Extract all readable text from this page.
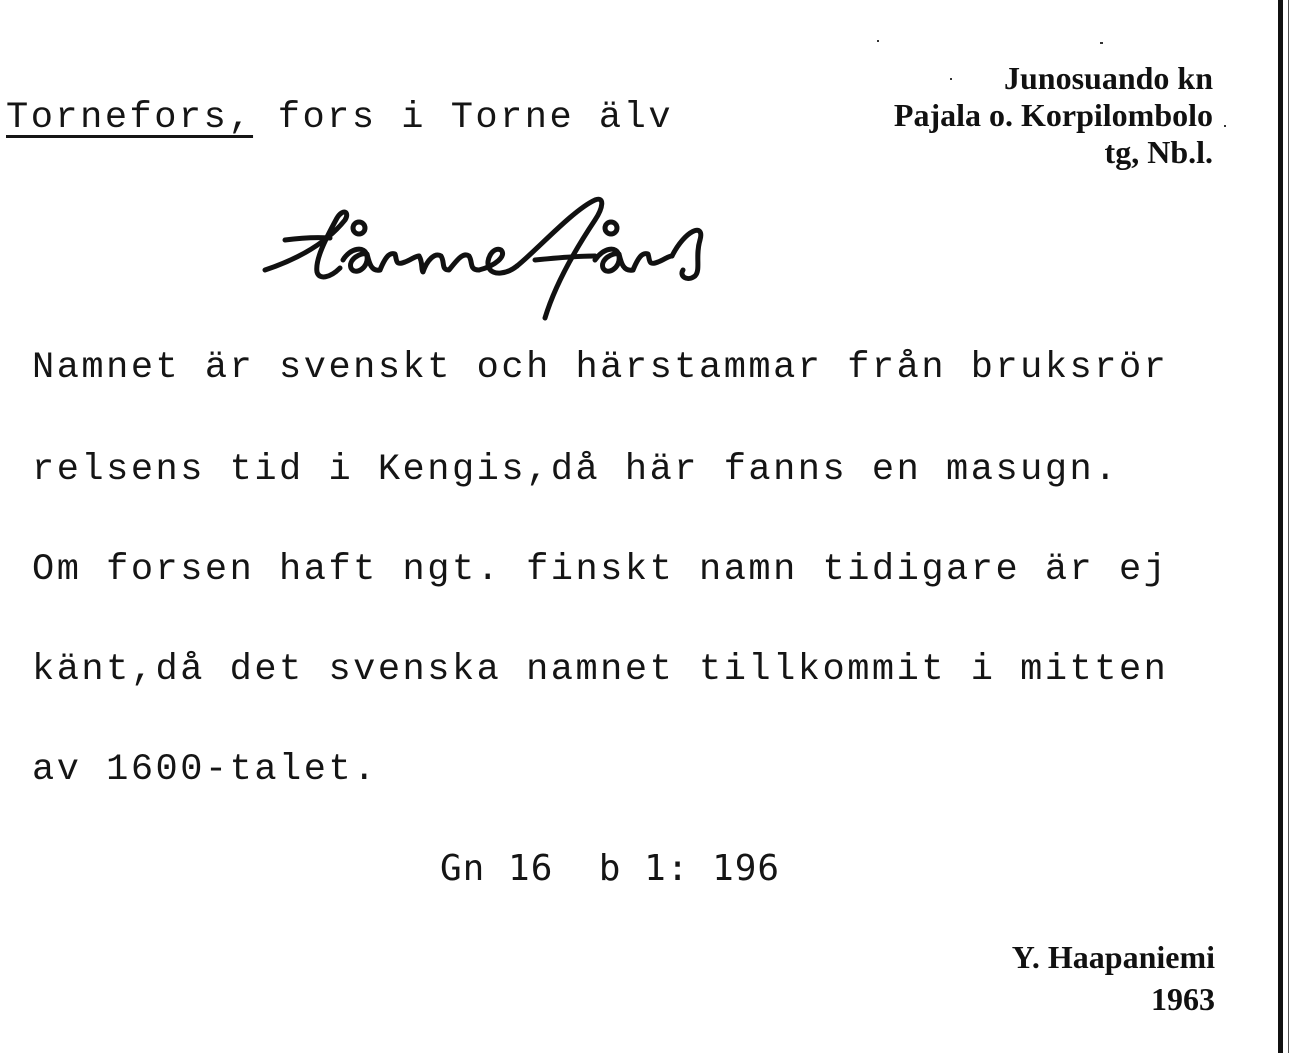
Tornefors, fors i Torne älv
Junosuando kn
Pajala o. Korpilombolo
tg, Nb.l.
Namnet är svenskt och härstammar från bruksrör
relsens tid i Kengis,då här fanns en masugn.
Om forsen haft ngt. finskt namn tidigare är ej
känt,då det svenska namnet tillkommit i mitten
av 1600-talet.
Gn 16  b 1: 196
Y. Haapaniemi
1963
